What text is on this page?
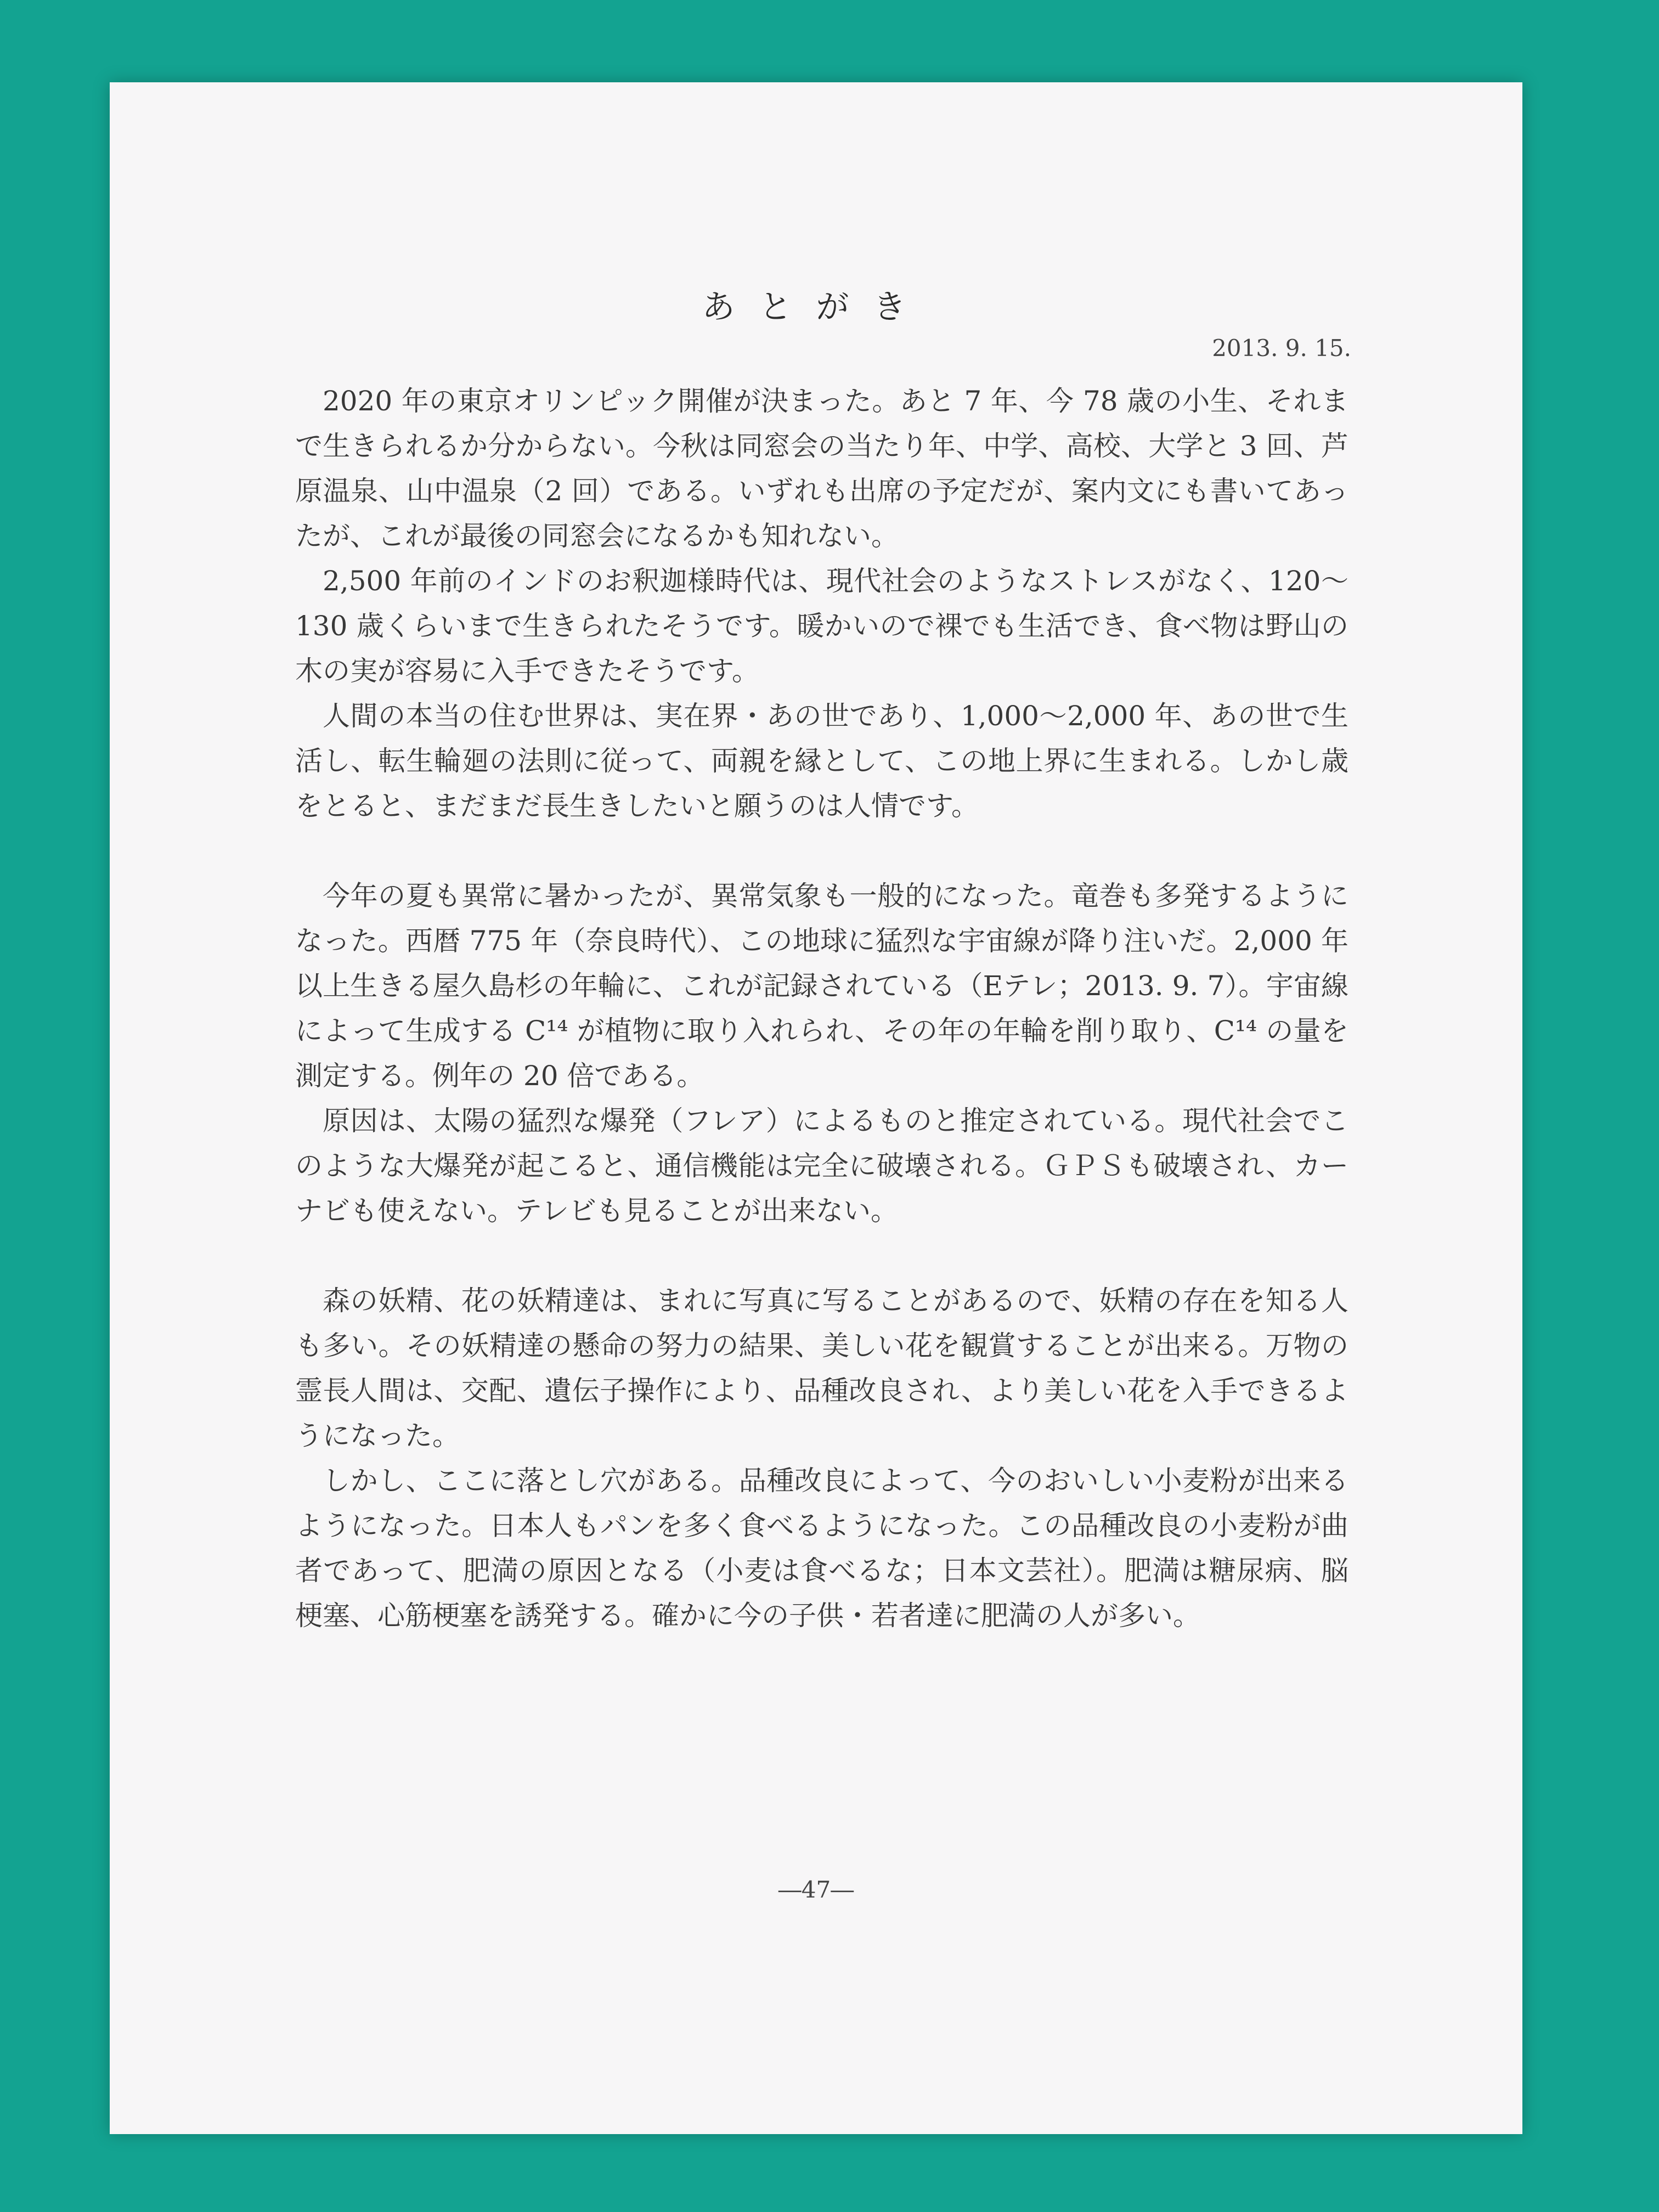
あとがき
2013. 9. 15.

2020 年の東京オリンピック開催が決まった。あと 7 年、今 78 歳の小生、それまで生きられるか分からない。今秋は同窓会の当たり年、中学、高校、大学と 3 回、芦原温泉、山中温泉（2 回）である。いずれも出席の予定だが、案内文にも書いてあったが、これが最後の同窓会になるかも知れない。

2,500 年前のインドのお釈迦様時代は、現代社会のようなストレスがなく、120～130 歳くらいまで生きられたそうです。暖かいので裸でも生活でき、食べ物は野山の木の実が容易に入手できたそうです。

人間の本当の住む世界は、実在界・あの世であり、1,000～2,000 年、あの世で生活し、転生輪廻の法則に従って、両親を縁として、この地上界に生まれる。しかし歳をとると、まだまだ長生きしたいと願うのは人情です。

今年の夏も異常に暑かったが、異常気象も一般的になった。竜巻も多発するようになった。西暦 775 年（奈良時代）、この地球に猛烈な宇宙線が降り注いだ。2,000 年以上生きる屋久島杉の年輪に、これが記録されている（Eテレ；2013. 9. 7）。宇宙線によって生成する C¹⁴ が植物に取り入れられ、その年の年輪を削り取り、C¹⁴ の量を測定する。例年の 20 倍である。

原因は、太陽の猛烈な爆発（フレア）によるものと推定されている。現代社会でこのような大爆発が起こると、通信機能は完全に破壊される。ＧＰＳも破壊され、カーナビも使えない。テレビも見ることが出来ない。

森の妖精、花の妖精達は、まれに写真に写ることがあるので、妖精の存在を知る人も多い。その妖精達の懸命の努力の結果、美しい花を観賞することが出来る。万物の霊長人間は、交配、遺伝子操作により、品種改良され、より美しい花を入手できるようになった。

しかし、ここに落とし穴がある。品種改良によって、今のおいしい小麦粉が出来るようになった。日本人もパンを多く食べるようになった。この品種改良の小麦粉が曲者であって、肥満の原因となる（小麦は食べるな；日本文芸社）。肥満は糖尿病、脳梗塞、心筋梗塞を誘発する。確かに今の子供・若者達に肥満の人が多い。

―47―
